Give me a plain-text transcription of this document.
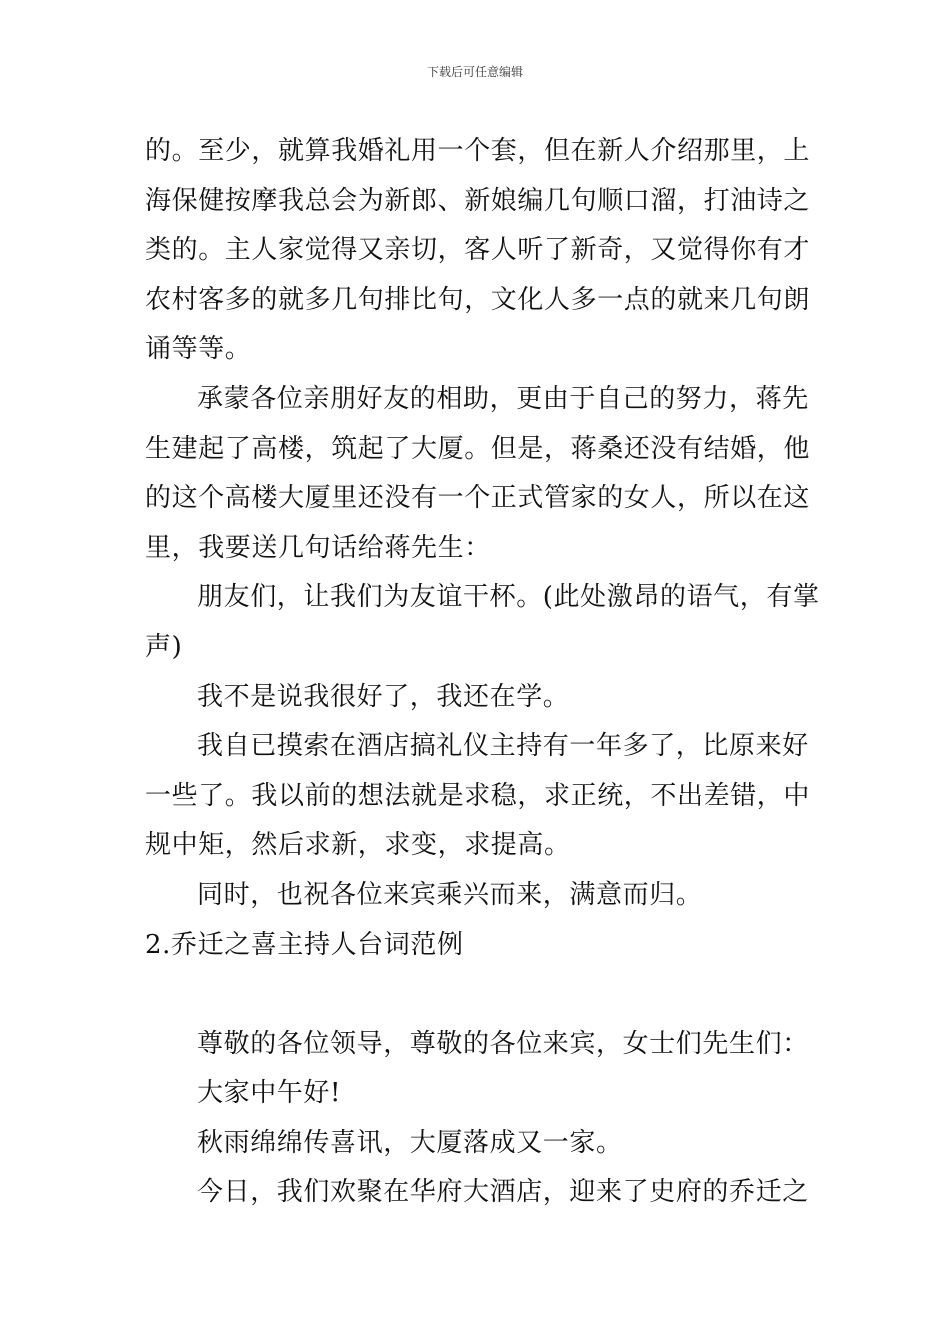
下载后可任意编辑
的。至少，就算我婚礼用一个套，但在新人介绍那里，上
海保健按摩我总会为新郎、新娘编几句顺口溜，打油诗之
类的。主人家觉得又亲切，客人听了新奇，又觉得你有才
农村客多的就多几句排比句，文化人多一点的就来几句朗
诵等等。
承蒙各位亲朋好友的相助，更由于自己的努力，蒋先
生建起了高楼，筑起了大厦。但是，蒋桑还没有结婚，他
的这个高楼大厦里还没有一个正式管家的女人，所以在这
里，我要送几句话给蒋先生：
朋友们，让我们为友谊干杯。(此处激昂的语气，有掌
声)
我不是说我很好了，我还在学。
我自已摸索在酒店搞礼仪主持有一年多了，比原来好
一些了。我以前的想法就是求稳，求正统，不出差错，中
规中矩，然后求新，求变，求提高。
同时，也祝各位来宾乘兴而来，满意而归。
2.乔迁之喜主持人台词范例
尊敬的各位领导，尊敬的各位来宾，女士们先生们：
大家中午好!
秋雨绵绵传喜讯，大厦落成又一家。
今日，我们欢聚在华府大酒店，迎来了史府的乔迁之
